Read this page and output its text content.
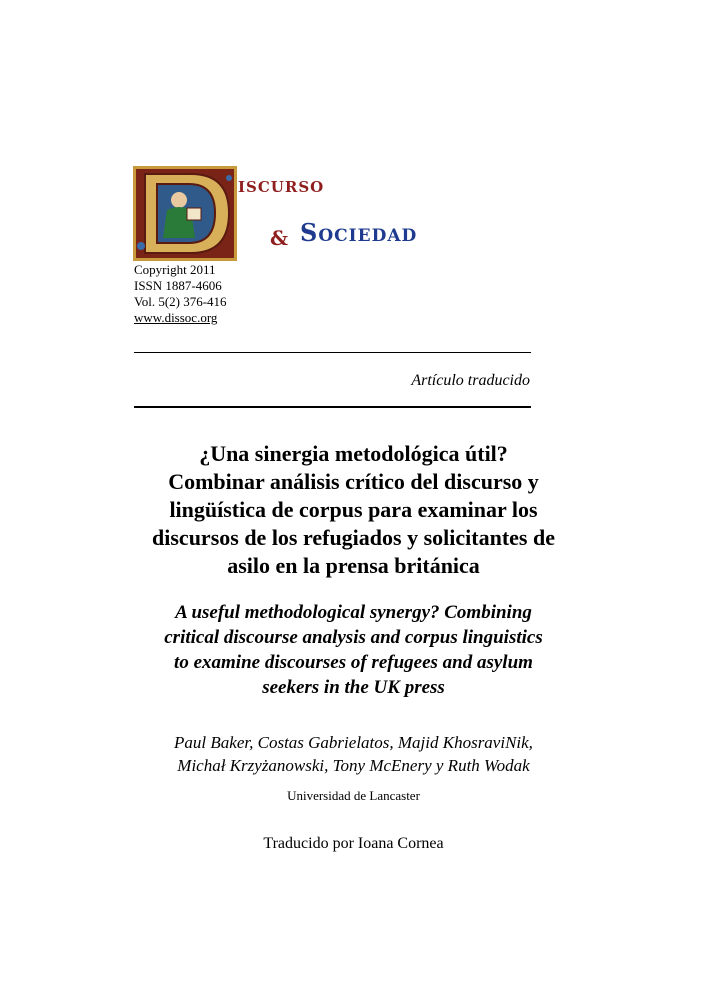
iscurso
& Sociedad
Copyright 2011
ISSN 1887-4606
Vol. 5(2) 376-416
www.dissoc.org
Artículo traducido
¿Una sinergia metodológica útil?
Combinar análisis crítico del discurso y
lingüística de corpus para examinar los
discursos de los refugiados y solicitantes de
asilo en la prensa británica
A useful methodological synergy? Combining
critical discourse analysis and corpus linguistics
to examine discourses of refugees and asylum
seekers in the UK press
Paul Baker, Costas Gabrielatos, Majid KhosraviNik,
Michał Krzyżanowski, Tony McEnery y Ruth Wodak
Universidad de Lancaster
Traducido por Ioana Cornea
